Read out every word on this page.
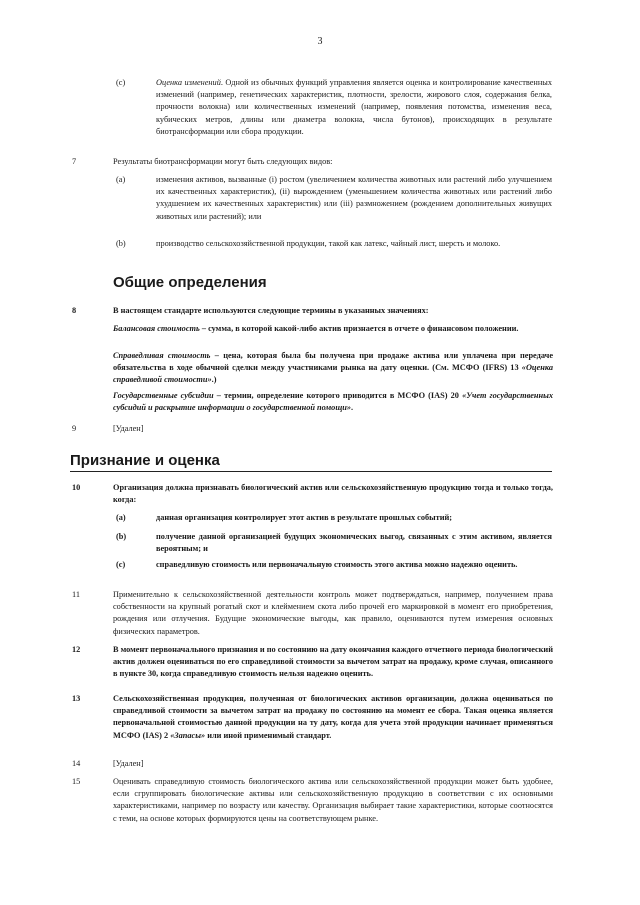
3
(c)	Оценка изменений. Одной из обычных функций управления является оценка и контролирование качественных изменений (например, генетических характеристик, плотности, зрелости, жирового слоя, содержания белка, прочности волокна) или количественных изменений (например, появления потомства, изменения веса, кубических метров, длины или диаметра волокна, числа бутонов), происходящих в результате биотрансформации или сбора продукции.

7	Результаты биотрансформации могут быть следующих видов:

(a)	изменения активов, вызванные (i) ростом (увеличением количества животных или растений либо улучшением их качественных характеристик), (ii) вырождением (уменьшением количества животных или растений либо ухудшением их качественных характеристик) или (iii) размножением (рождением дополнительных живущих животных или растений); или

(b)	производство сельскохозяйственной продукции, такой как латекс, чайный лист, шерсть и молоко.

Общие определения
8	В настоящем стандарте используются следующие термины в указанных значениях:

Балансовая стоимость – сумма, в которой какой-либо актив признается в отчете о финансовом положении.

Справедливая стоимость – цена, которая была бы получена при продаже актива или уплачена при передаче обязательства в ходе обычной сделки между участниками рынка на дату оценки. (См. МСФО (IFRS) 13 «Оценка справедливой стоимости».)

Государственные субсидии – термин, определение которого приводится в МСФО (IAS) 20 «Учет государственных субсидий и раскрытие информации о государственной помощи».

9	[Удален]

Признание и оценка
10	Организация должна признавать биологический актив или сельскохозяйственную продукцию тогда и только тогда, когда:

(a)	данная организация контролирует этот актив в результате прошлых событий;

(b)	получение данной организацией будущих экономических выгод, связанных с этим активом, является вероятным; и

(c)	справедливую стоимость или первоначальную стоимость этого актива можно надежно оценить.

11	Применительно к сельскохозяйственной деятельности контроль может подтверждаться, например, получением права собственности на крупный рогатый скот и клеймением скота либо прочей его маркировкой в момент его приобретения, рождения или отлучения. Будущие экономические выгоды, как правило, оцениваются путем измерения основных физических параметров.

12	В момент первоначального признания и по состоянию на дату окончания каждого отчетного периода биологический актив должен оцениваться по его справедливой стоимости за вычетом затрат на продажу, кроме случая, описанного в пункте 30, когда справедливую стоимость нельзя надежно оценить.

13	Сельскохозяйственная продукция, полученная от биологических активов организации, должна оцениваться по справедливой стоимости за вычетом затрат на продажу по состоянию на момент ее сбора. Такая оценка является первоначальной стоимостью данной продукции на ту дату, когда для учета этой продукции начинает применяться МСФО (IAS) 2 «Запасы» или иной применимый стандарт.

14	[Удален]

15	Оценивать справедливую стоимость биологического актива или сельскохозяйственной продукции может быть удобнее, если сгруппировать биологические активы или сельскохозяйственную продукцию в соответствии с их основными характеристиками, например по возрасту или качеству. Организация выбирает такие характеристики, которые соотносятся с теми, на основе которых формируются цены на соответствующем рынке.
